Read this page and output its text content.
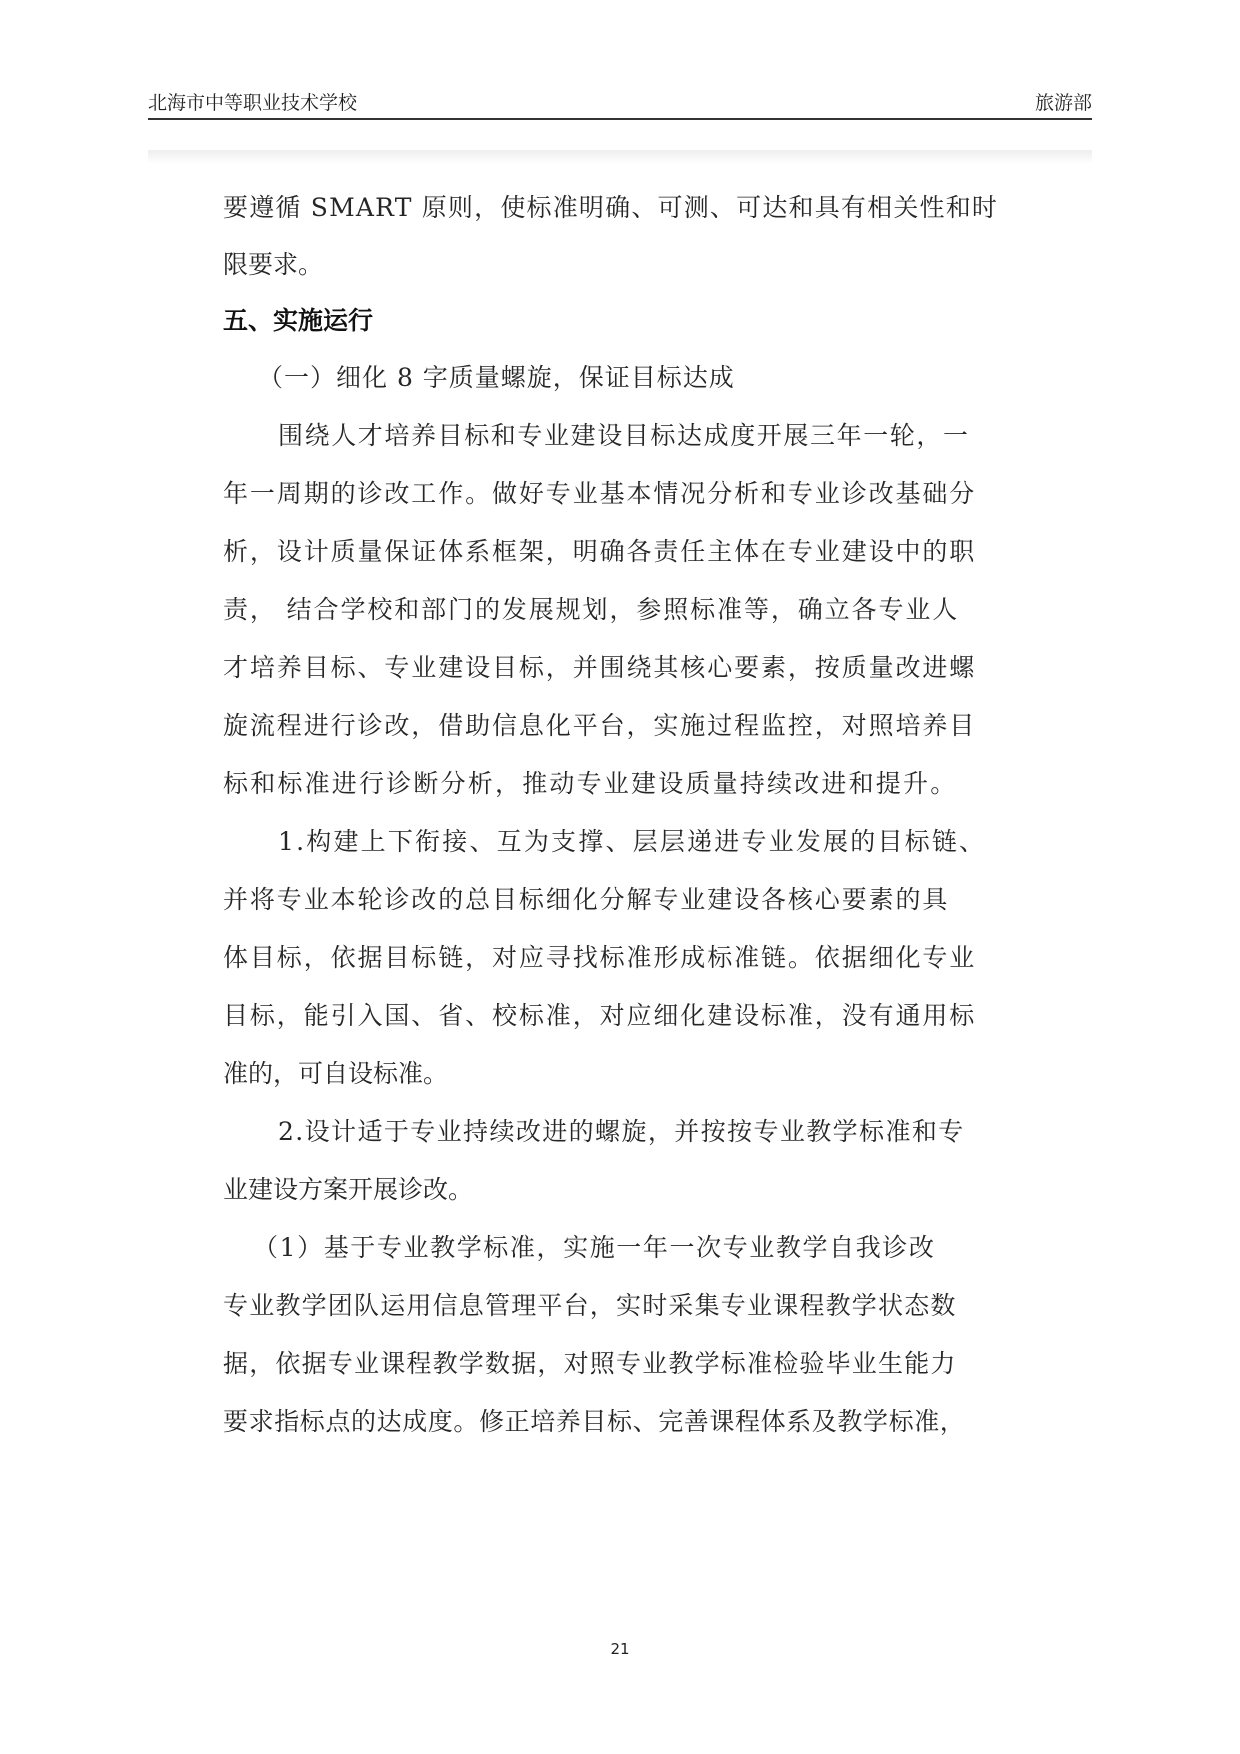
北海市中等职业技术学校	旅游部
要遵循 SMART 原则，使标准明确、可测、可达和具有相关性和时
限要求。
五、实施运行
（一）细化 8 字质量螺旋，保证目标达成
围绕人才培养目标和专业建设目标达成度开展三年一轮，一
年一周期的诊改工作。做好专业基本情况分析和专业诊改基础分
析，设计质量保证体系框架，明确各责任主体在专业建设中的职
责， 结合学校和部门的发展规划，参照标准等，确立各专业人
才培养目标、专业建设目标，并围绕其核心要素，按质量改进螺
旋流程进行诊改，借助信息化平台，实施过程监控，对照培养目
标和标准进行诊断分析，推动专业建设质量持续改进和提升。
1.构建上下衔接、互为支撑、层层递进专业发展的目标链、
并将专业本轮诊改的总目标细化分解专业建设各核心要素的具
体目标，依据目标链，对应寻找标准形成标准链。依据细化专业
目标，能引入国、省、校标准，对应细化建设标准，没有通用标
准的，可自设标准。
2.设计适于专业持续改进的螺旋，并按按专业教学标准和专
业建设方案开展诊改。
（1）基于专业教学标准，实施一年一次专业教学自我诊改
专业教学团队运用信息管理平台，实时采集专业课程教学状态数
据，依据专业课程教学数据，对照专业教学标准检验毕业生能力
要求指标点的达成度。修正培养目标、完善课程体系及教学标准，
21
